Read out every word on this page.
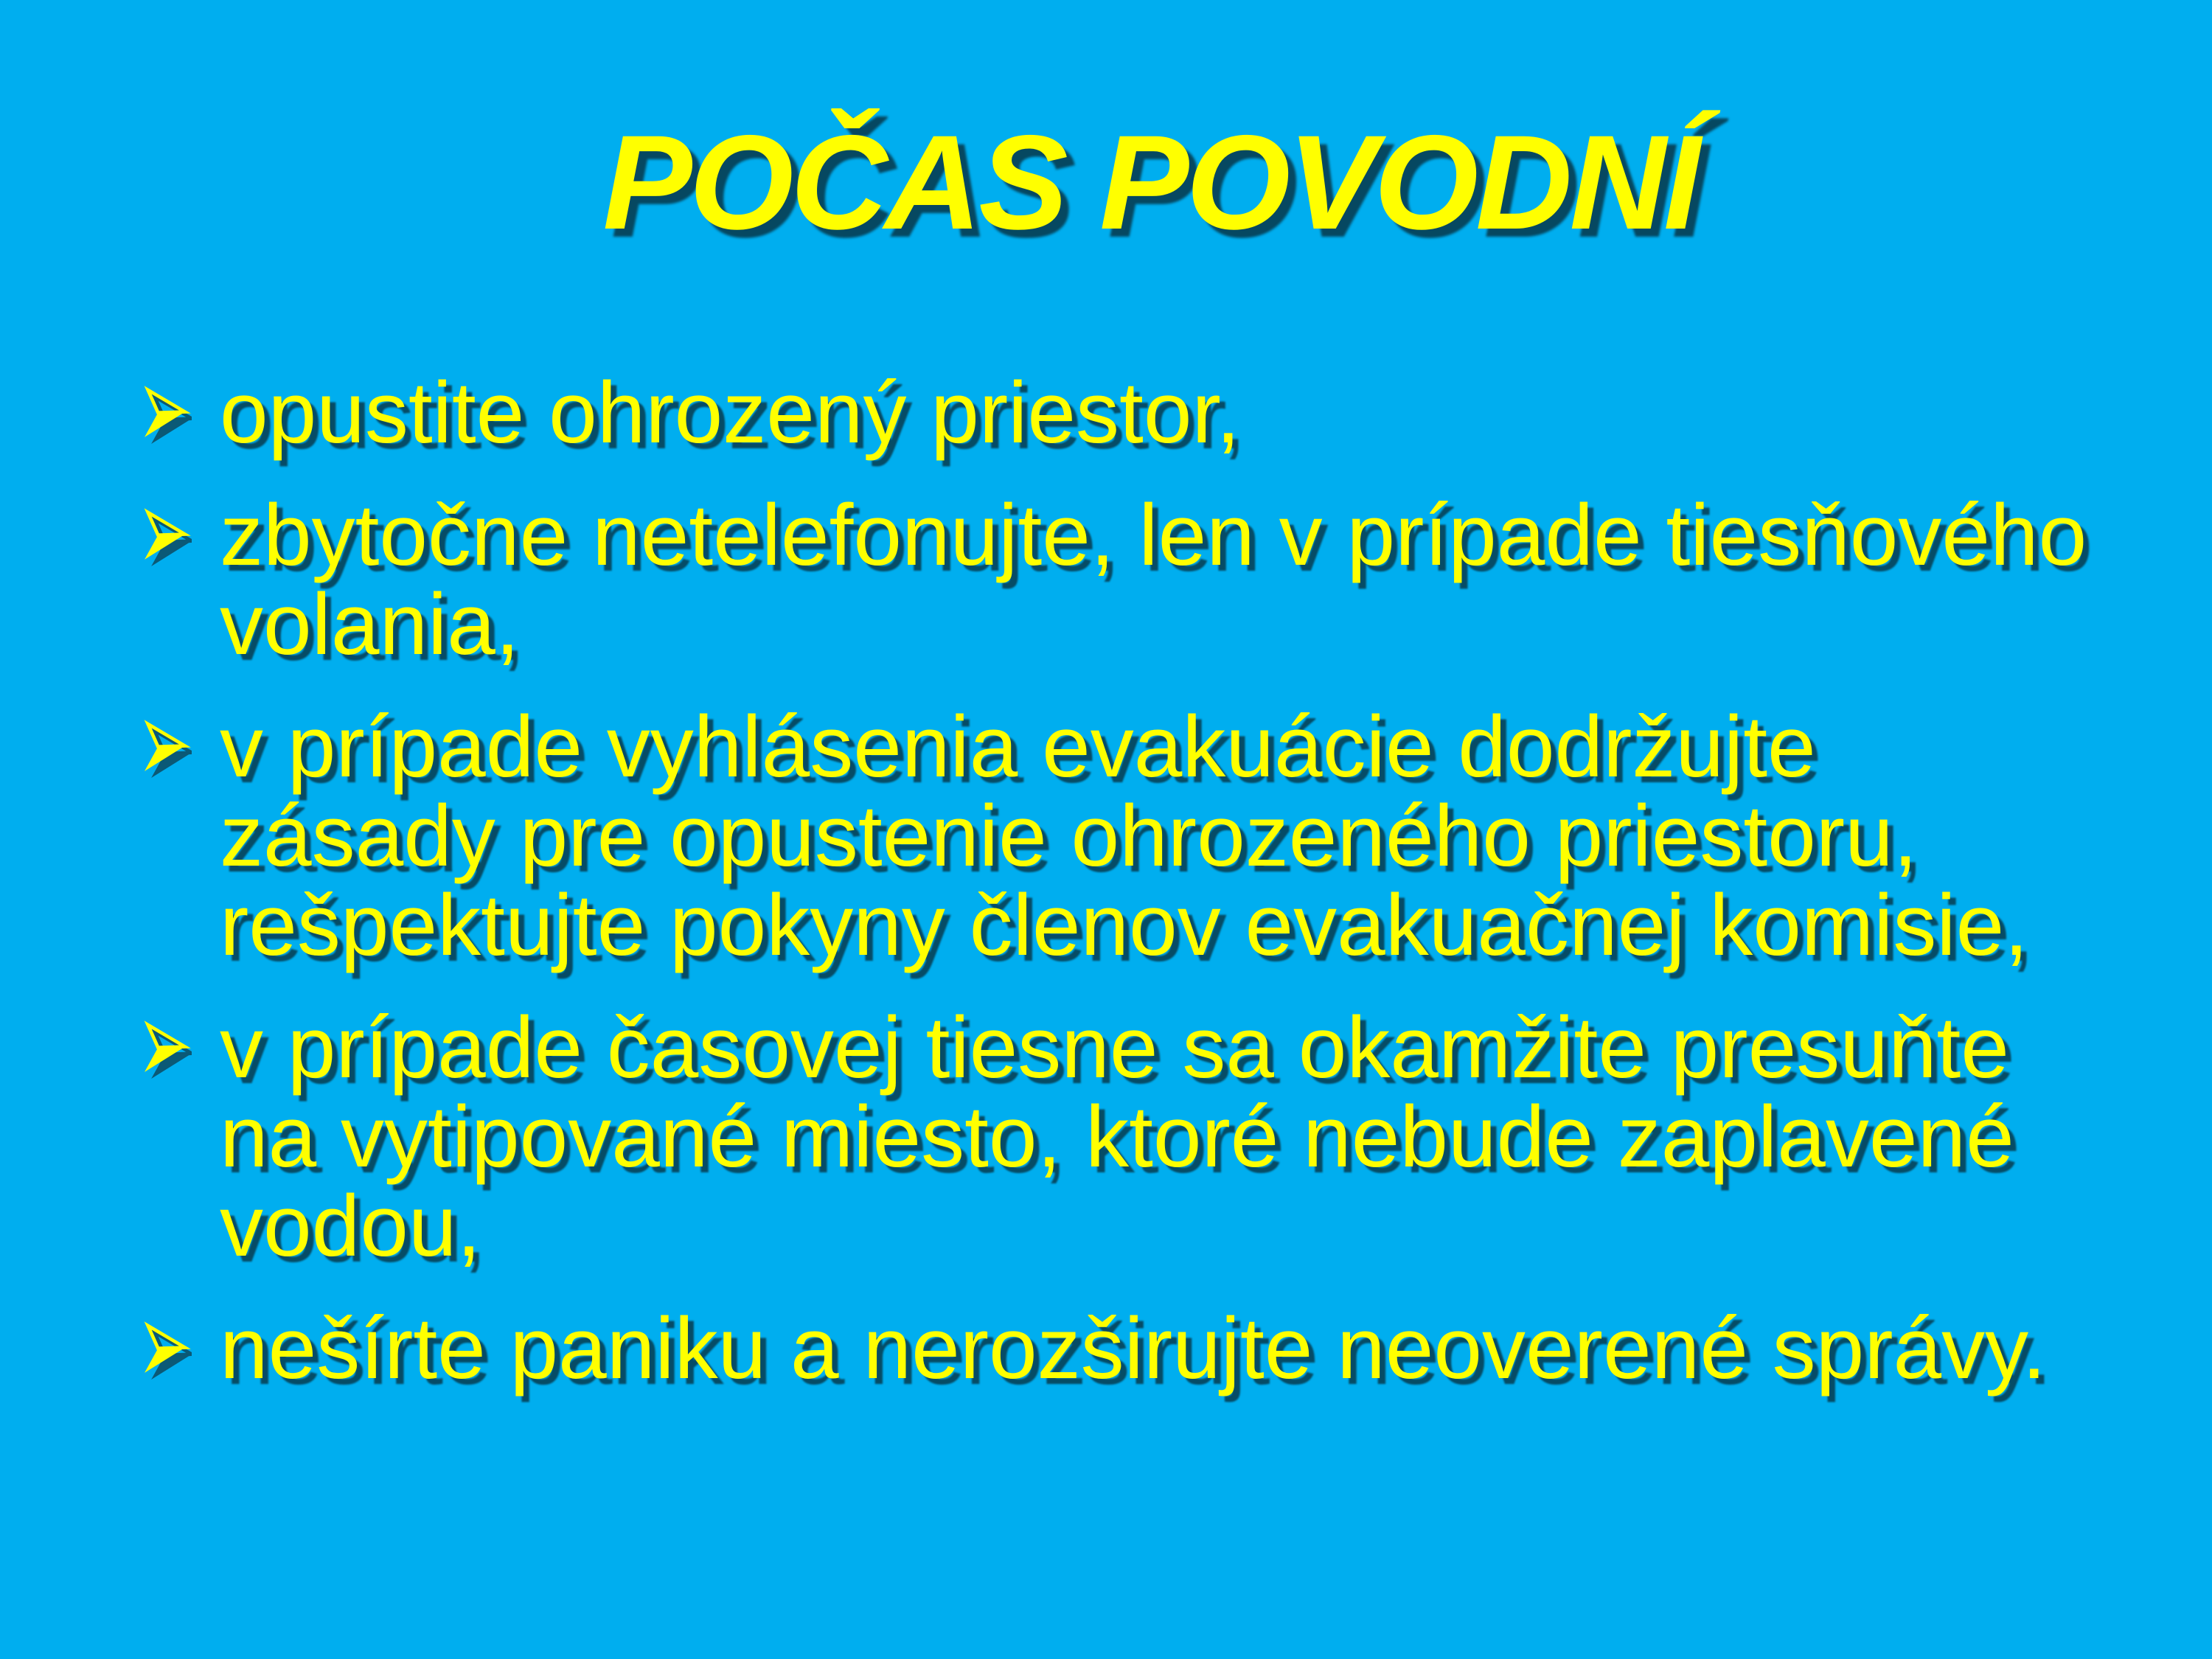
POČAS POVODNÍ
opustite ohrozený priestor,
zbytočne netelefonujte, len v prípade tiesňového
volania,
v prípade vyhlásenia evakuácie dodržujte
zásady pre opustenie ohrozeného priestoru,
rešpektujte pokyny členov evakuačnej komisie,
v prípade časovej tiesne sa okamžite presuňte
na vytipované miesto, ktoré nebude zaplavené
vodou,
nešírte paniku a nerozširujte neoverené správy.
